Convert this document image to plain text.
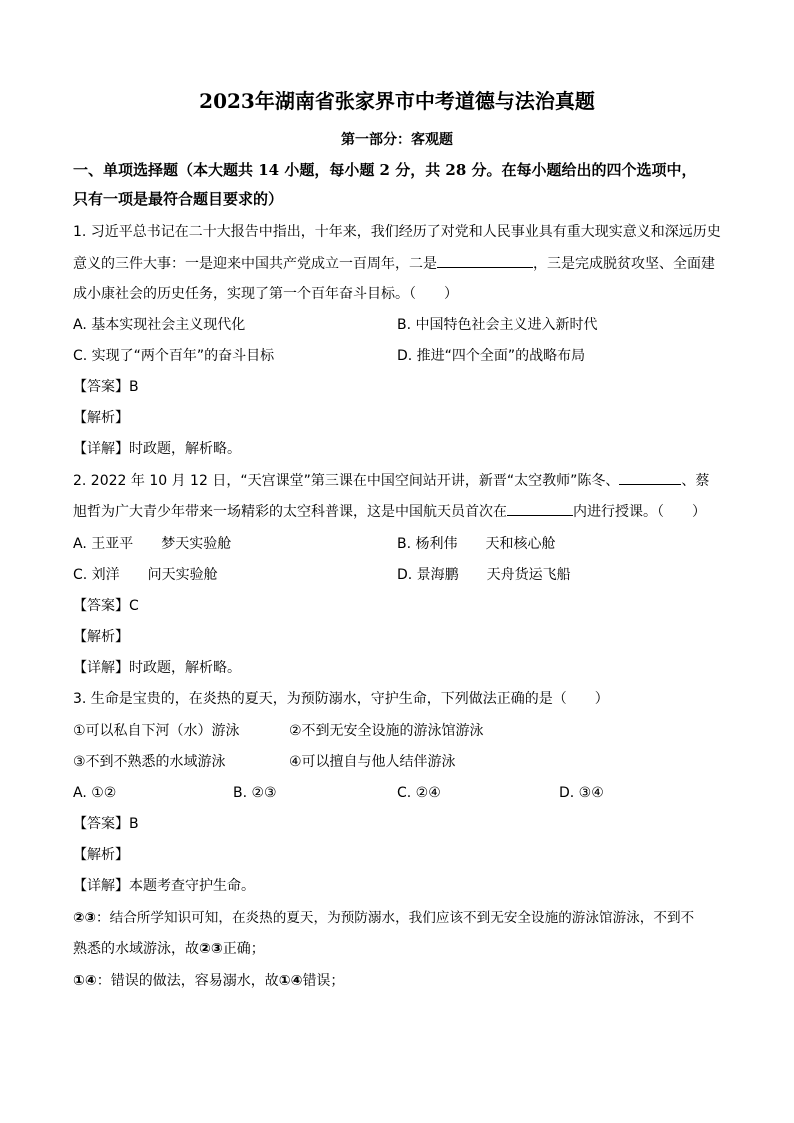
2023年湖南省张家界市中考道德与法治真题
第一部分：客观题
一、单项选择题（本大题共 14 小题，每小题 2 分，共 28 分。在每小题给出的四个选项中，
只有一项是最符合题目要求的）
1. 习近平总书记在二十大报告中指出，十年来，我们经历了对党和人民事业具有重大现实意义和深远历史
意义的三件大事：一是迎来中国共产党成立一百周年，二是	，三是完成脱贫攻坚、全面建
成小康社会的历史任务，实现了第一个百年奋斗目标。（　　）
A. 基本实现社会主义现代化	B. 中国特色社会主义进入新时代
C. 实现了“两个百年”的奋斗目标	D. 推进“四个全面”的战略布局
【答案】B
【解析】
【详解】时政题，解析略。
2. 2022 年 10 月 12 日，“天宫课堂”第三课在中国空间站开讲，新晋“太空教师”陈冬、	、蔡
旭哲为广大青少年带来一场精彩的太空科普课，这是中国航天员首次在	内进行授课。（　　）
A. 王亚平　　梦天实验舱	B. 杨利伟　　天和核心舱
C. 刘洋　　问天实验舱	D. 景海鹏　　天舟货运飞船
【答案】C
【解析】
【详解】时政题，解析略。
3. 生命是宝贵的，在炎热的夏天，为预防溺水，守护生命，下列做法正确的是（　　）
①可以私自下河（水）游泳	②不到无安全设施的游泳馆游泳
③不到不熟悉的水域游泳	④可以擅自与他人结伴游泳
A. ①②	B. ②③	C. ②④	D. ③④
【答案】B
【解析】
【详解】本题考查守护生命。
②③：结合所学知识可知，在炎热的夏天，为预防溺水，我们应该不到无安全设施的游泳馆游泳，不到不
熟悉的水域游泳，故②③正确；
①④：错误的做法，容易溺水，故①④错误；
